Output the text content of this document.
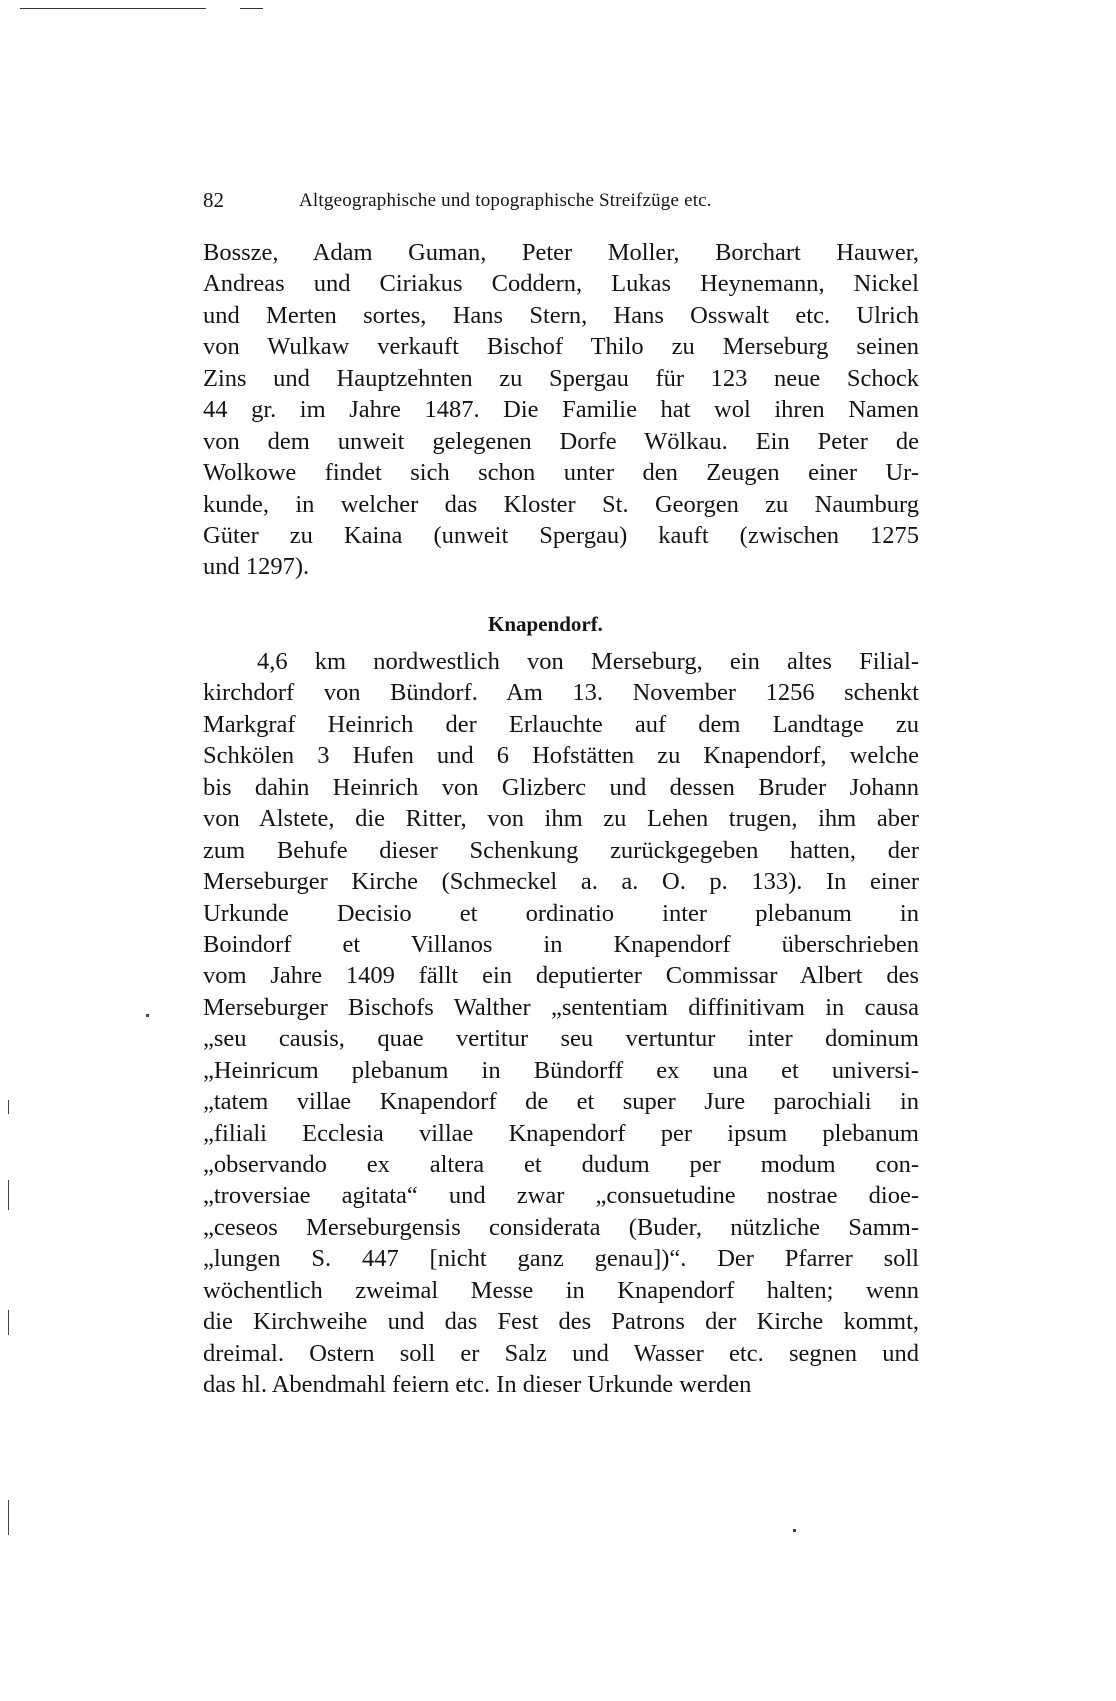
82	Altgeographische und topographische Streifzüge etc.
Bossze, Adam Guman, Peter Moller, Borchart Hauwer,
Andreas und Ciriakus Coddern, Lukas Heynemann, Nickel
und Merten sortes, Hans Stern, Hans Osswalt etc. Ulrich
von Wulkaw verkauft Bischof Thilo zu Merseburg seinen
Zins und Hauptzehnten zu Spergau für 123 neue Schock
44 gr. im Jahre 1487. Die Familie hat wol ihren Namen
von dem unweit gelegenen Dorfe Wölkau. Ein Peter de
Wolkowe findet sich schon unter den Zeugen einer Ur-
kunde, in welcher das Kloster St. Georgen zu Naumburg
Güter zu Kaina (unweit Spergau) kauft (zwischen 1275
und 1297).
Knapendorf.
4,6 km nordwestlich von Merseburg, ein altes Filial-
kirchdorf von Bündorf. Am 13. November 1256 schenkt
Markgraf Heinrich der Erlauchte auf dem Landtage zu
Schkölen 3 Hufen und 6 Hofstätten zu Knapendorf, welche
bis dahin Heinrich von Glizberc und dessen Bruder Johann
von Alstete, die Ritter, von ihm zu Lehen trugen, ihm aber
zum Behufe dieser Schenkung zurückgegeben hatten, der
Merseburger Kirche (Schmeckel a. a. O. p. 133). In einer
Urkunde Decisio et ordinatio inter plebanum in
Boindorf et Villanos in Knapendorf überschrieben
vom Jahre 1409 fällt ein deputierter Commissar Albert des
Merseburger Bischofs Walther „sententiam diffinitivam in causa
„seu causis, quae vertitur seu vertuntur inter dominum
„Heinricum plebanum in Bündorff ex una et universi-
„tatem villae Knapendorf de et super Jure parochiali in
„filiali Ecclesia villae Knapendorf per ipsum plebanum
„observando ex altera et dudum per modum con-
„troversiae agitata“ und zwar „consuetudine nostrae dioe-
„ceseos Merseburgensis considerata (Buder, nützliche Samm-
„lungen S. 447 [nicht ganz genau])“. Der Pfarrer soll
wöchentlich zweimal Messe in Knapendorf halten; wenn
die Kirchweihe und das Fest des Patrons der Kirche kommt,
dreimal. Ostern soll er Salz und Wasser etc. segnen und
das hl. Abendmahl feiern etc. In dieser Urkunde werden
